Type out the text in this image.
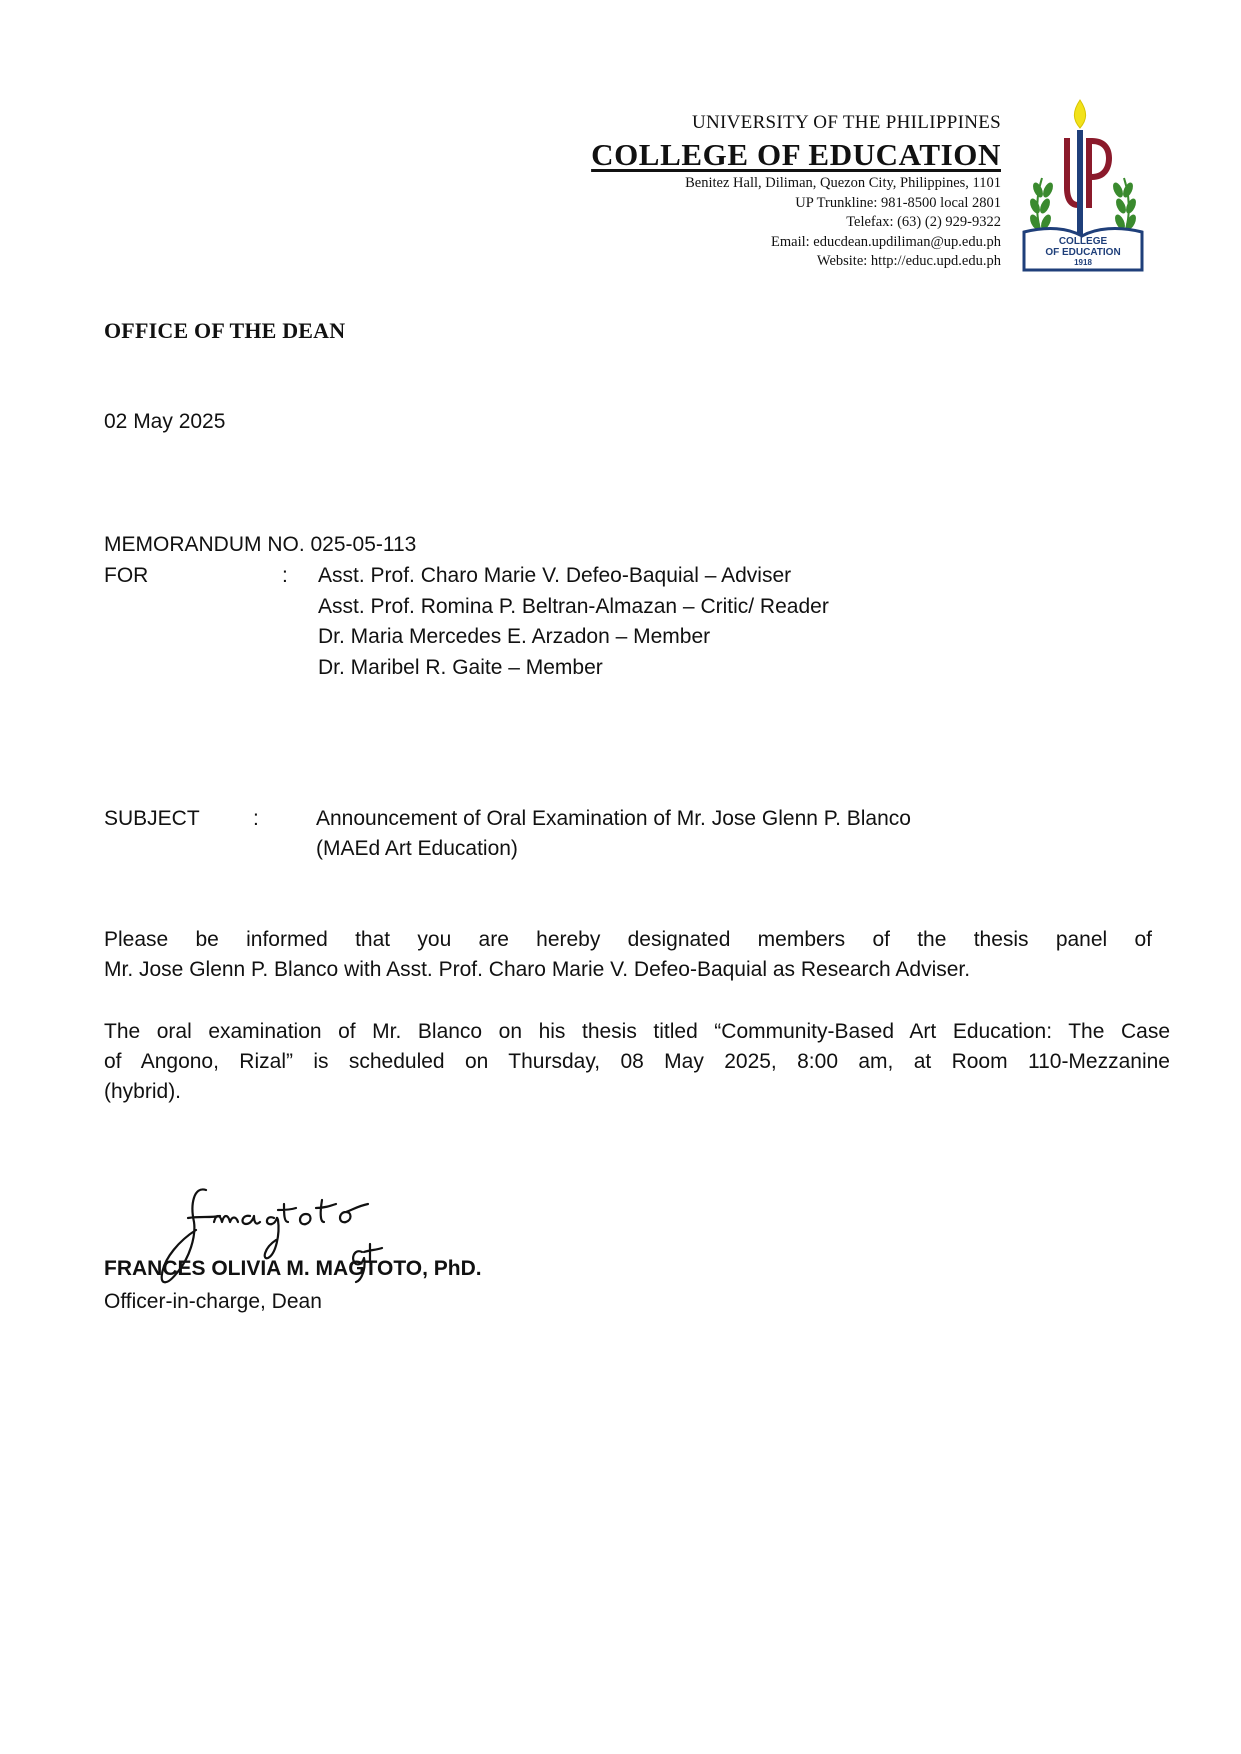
UNIVERSITY OF THE PHILIPPINES
COLLEGE OF EDUCATION
Benitez Hall, Diliman, Quezon City, Philippines, 1101
UP Trunkline: 981-8500 local 2801
Telefax: (63) (2) 929-9322
Email: educdean.updiliman@up.edu.ph
Website: http://educ.upd.edu.ph
COLLEGE
OF EDUCATION
1918
OFFICE OF THE DEAN
02 May 2025
MEMORANDUM NO. 025-05-113
FOR	: Asst. Prof. Charo Marie V. Defeo-Baquial – Adviser
Asst. Prof. Romina P. Beltran-Almazan – Critic/ Reader
Dr. Maria Mercedes E. Arzadon – Member
Dr. Maribel R. Gaite – Member
SUBJECT	:	Announcement of Oral Examination of Mr. Jose Glenn P. Blanco
(MAEd Art Education)
Please be informed that you are hereby designated members of the thesis panel of
Mr. Jose Glenn P. Blanco with Asst. Prof. Charo Marie V. Defeo-Baquial as Research Adviser.
The oral examination of Mr. Blanco on his thesis titled “Community-Based Art Education: The Case
of Angono, Rizal” is scheduled on Thursday, 08 May 2025, 8:00 am, at Room 110-Mezzanine
(hybrid).
FRANCES OLIVIA M. MAGTOTO, PhD.
Officer-in-charge, Dean
